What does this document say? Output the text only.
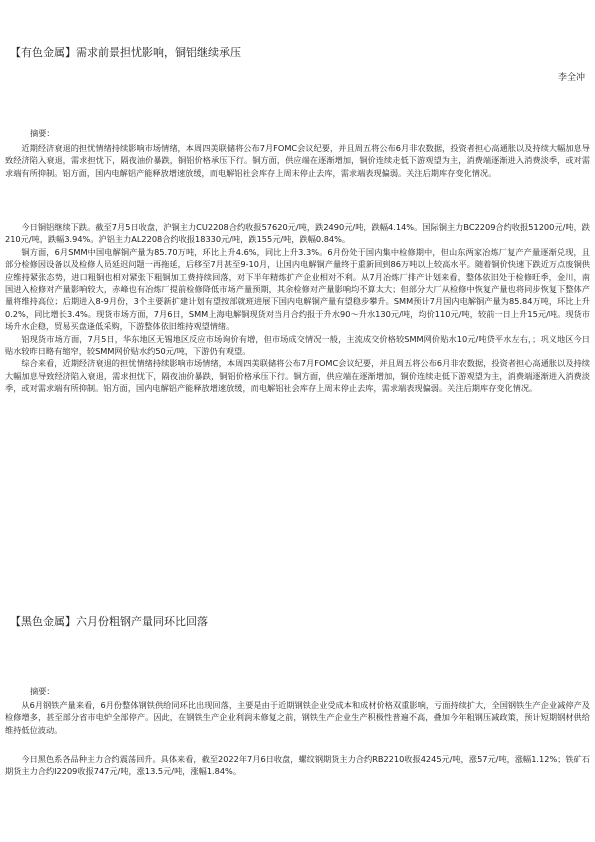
【有色金属】需求前景担忧影响，铜铝继续承压
李全冲
摘要：

近期经济衰退的担忧情绪持续影响市场情绪，本周四美联储将公布7月FOMC会议纪要，并且周五将公布6月非农数据，投资者担心高通胀以及持续大幅加息导致经济陷入衰退，需求担忧下，隔夜油价暴跌，铜铝价格承压下行。铜方面，供应端在逐渐增加，铜价连续走低下游观望为主，消费端逐渐进入消费淡季，或对需求端有所抑制。铝方面，国内电解铝产能释放增速放缓，而电解铝社会库存上周末停止去库，需求端表现偏弱。关注后期库存变化情况。

今日铜铝继续下跌。截至7月5日收盘，沪铜主力CU2208合约收报57620元/吨，跌2490元/吨，跌幅4.14%。国际铜主力BC2209合约收报51200元/吨，跌210元/吨，跌幅3.94%。沪铝主力AL2208合约收报18330元/吨，跌155元/吨，跌幅0.84%。

铜方面，6月SMM中国电解铜产量为85.70万吨，环比上升4.6%，同比上升3.3%。6月份处于国内集中检修期中，但山东两家冶炼厂复产产量逐渐兑现，且部分检修因设备以及检修人员延迟问题一再拖延，后移至7月甚至9-10月，让国内电解铜产量终于重新回到86万吨以上较高水平。随着铜价快速下跌近万点废铜供应维持紧张态势，进口粗铜也相对紧张下粗铜加工费持续回落，对下半年精炼扩产企业相对不利。从7月冶炼厂排产计划来看，整体依旧处于检修旺季，金川，南国进入检修对产量影响较大，赤峰也有冶炼厂提前检修降低市场产量预期，其余检修对产量影响均不算太大；但部分大厂从检修中恢复产量也将同步恢复下整体产量将维持高位；后期进入8-9月份，3个主要新扩建计划有望按部就班进展下国内电解铜产量有望稳步攀升。SMM预计7月国内电解铜产量为85.84万吨，环比上升0.2%，同比增长3.4%。现货市场方面，7月6日，SMM上海电解铜现货对当月合约报于升水90～升水130元/吨，均价110元/吨，较前一日上升15元/吨。现货市场升水企稳，贸易买盘逢低采购，下游整体依旧维持观望情绪。

铝现货市场方面，7月5日，华东地区无锡地区反应市场询价有增，但市场成交情况一般，主流成交价格较SMM网价贴水10元/吨贷平水左右，；巩义地区今日贴水较昨日略有缩窄，较SMM网价贴水约50元/吨，下游仍有观望。

综合来看，近期经济衰退的担忧情绪持续影响市场情绪，本周四美联储将公布7月FOMC会议纪要，并且周五将公布6月非农数据，投资者担心高通胀以及持续大幅加息导致经济陷入衰退，需求担忧下，隔夜油价暴跌，铜铝价格承压下行。铜方面，供应端在逐渐增加，铜价连续走低下游观望为主，消费端逐渐进入消费淡季，或对需求端有所抑制。铝方面，国内电解铝产能释放增速放缓，而电解铝社会库存上周末停止去库，需求端表现偏弱。关注后期库存变化情况。

【黑色金属】六月份粗钢产量同环比回落
摘要：

从6月钢铁产量来看，6月份整体钢铁供给同环比出现回落，主要是由于近期钢铁企业受成本和成材价格双重影响，亏面持续扩大，全国钢铁生产企业减停产及检修增多，甚至部分省市电炉全部停产。因此，在钢铁生产企业利润未修复之前，钢铁生产企业生产积极性普遍不高，叠加今年粗钢压减政策，预计短期钢材供给维持低位波动。

今日黑色系各品种主力合约震荡回升。具体来看，截至2022年7月6日收盘，螺纹钢期货主力合约RB2210收报4245元/吨，涨57元/吨，涨幅1.12%；铁矿石期货主力合约I2209收报747元/吨，涨13.5元/吨，涨幅1.84%。
